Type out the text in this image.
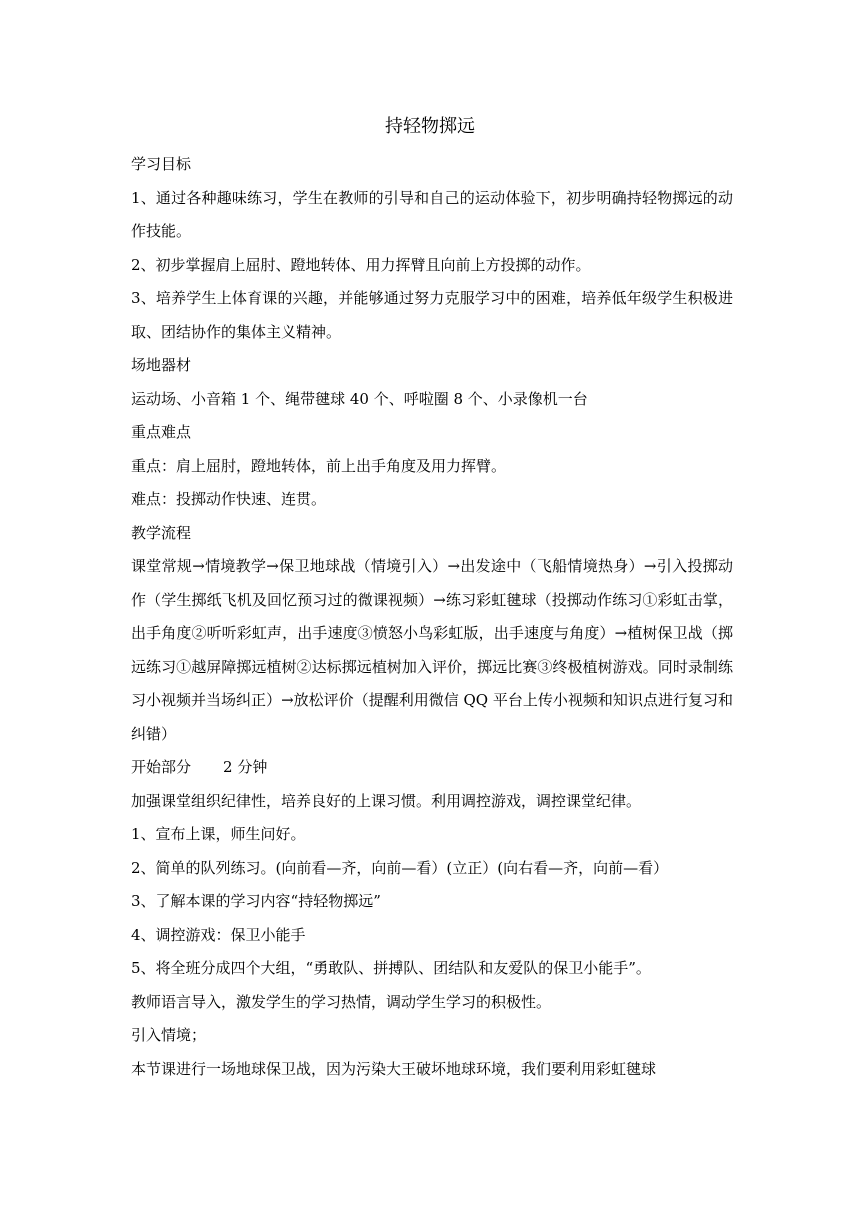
持轻物掷远

学习目标

1、通过各种趣味练习，学生在教师的引导和自己的运动体验下，初步明确持轻物掷远的动作技能。

2、初步掌握肩上屈肘、蹬地转体、用力挥臂且向前上方投掷的动作。

3、培养学生上体育课的兴趣，并能够通过努力克服学习中的困难，培养低年级学生积极进取、团结协作的集体主义精神。

场地器材

运动场、小音箱 1 个、绳带毽球 40 个、呼啦圈 8 个、小录像机一台

重点难点

重点：肩上屈肘，蹬地转体，前上出手角度及用力挥臂。

难点：投掷动作快速、连贯。

教学流程

课堂常规→情境教学→保卫地球战（情境引入）→出发途中（飞船情境热身）→引入投掷动作（学生掷纸飞机及回忆预习过的微课视频）→练习彩虹毽球（投掷动作练习①彩虹击掌，出手角度②听听彩虹声，出手速度③愤怒小鸟彩虹版，出手速度与角度）→植树保卫战（掷远练习①越屏障掷远植树②达标掷远植树加入评价，掷远比赛③终极植树游戏。同时录制练习小视频并当场纠正）→放松评价（提醒利用微信 QQ 平台上传小视频和知识点进行复习和纠错）

开始部分 2 分钟

加强课堂组织纪律性，培养良好的上课习惯。利用调控游戏，调控课堂纪律。

1、宣布上课，师生问好。

2、简单的队列练习。(向前看—齐，向前—看）(立正）(向右看—齐，向前—看）

3、了解本课的学习内容“持轻物掷远”

4、调控游戏：保卫小能手

5、将全班分成四个大组，“勇敢队、拼搏队、团结队和友爱队的保卫小能手”。

教师语言导入，激发学生的学习热情，调动学生学习的积极性。

引入情境；

本节课进行一场地球保卫战，因为污染大王破坏地球环境，我们要利用彩虹毽球
